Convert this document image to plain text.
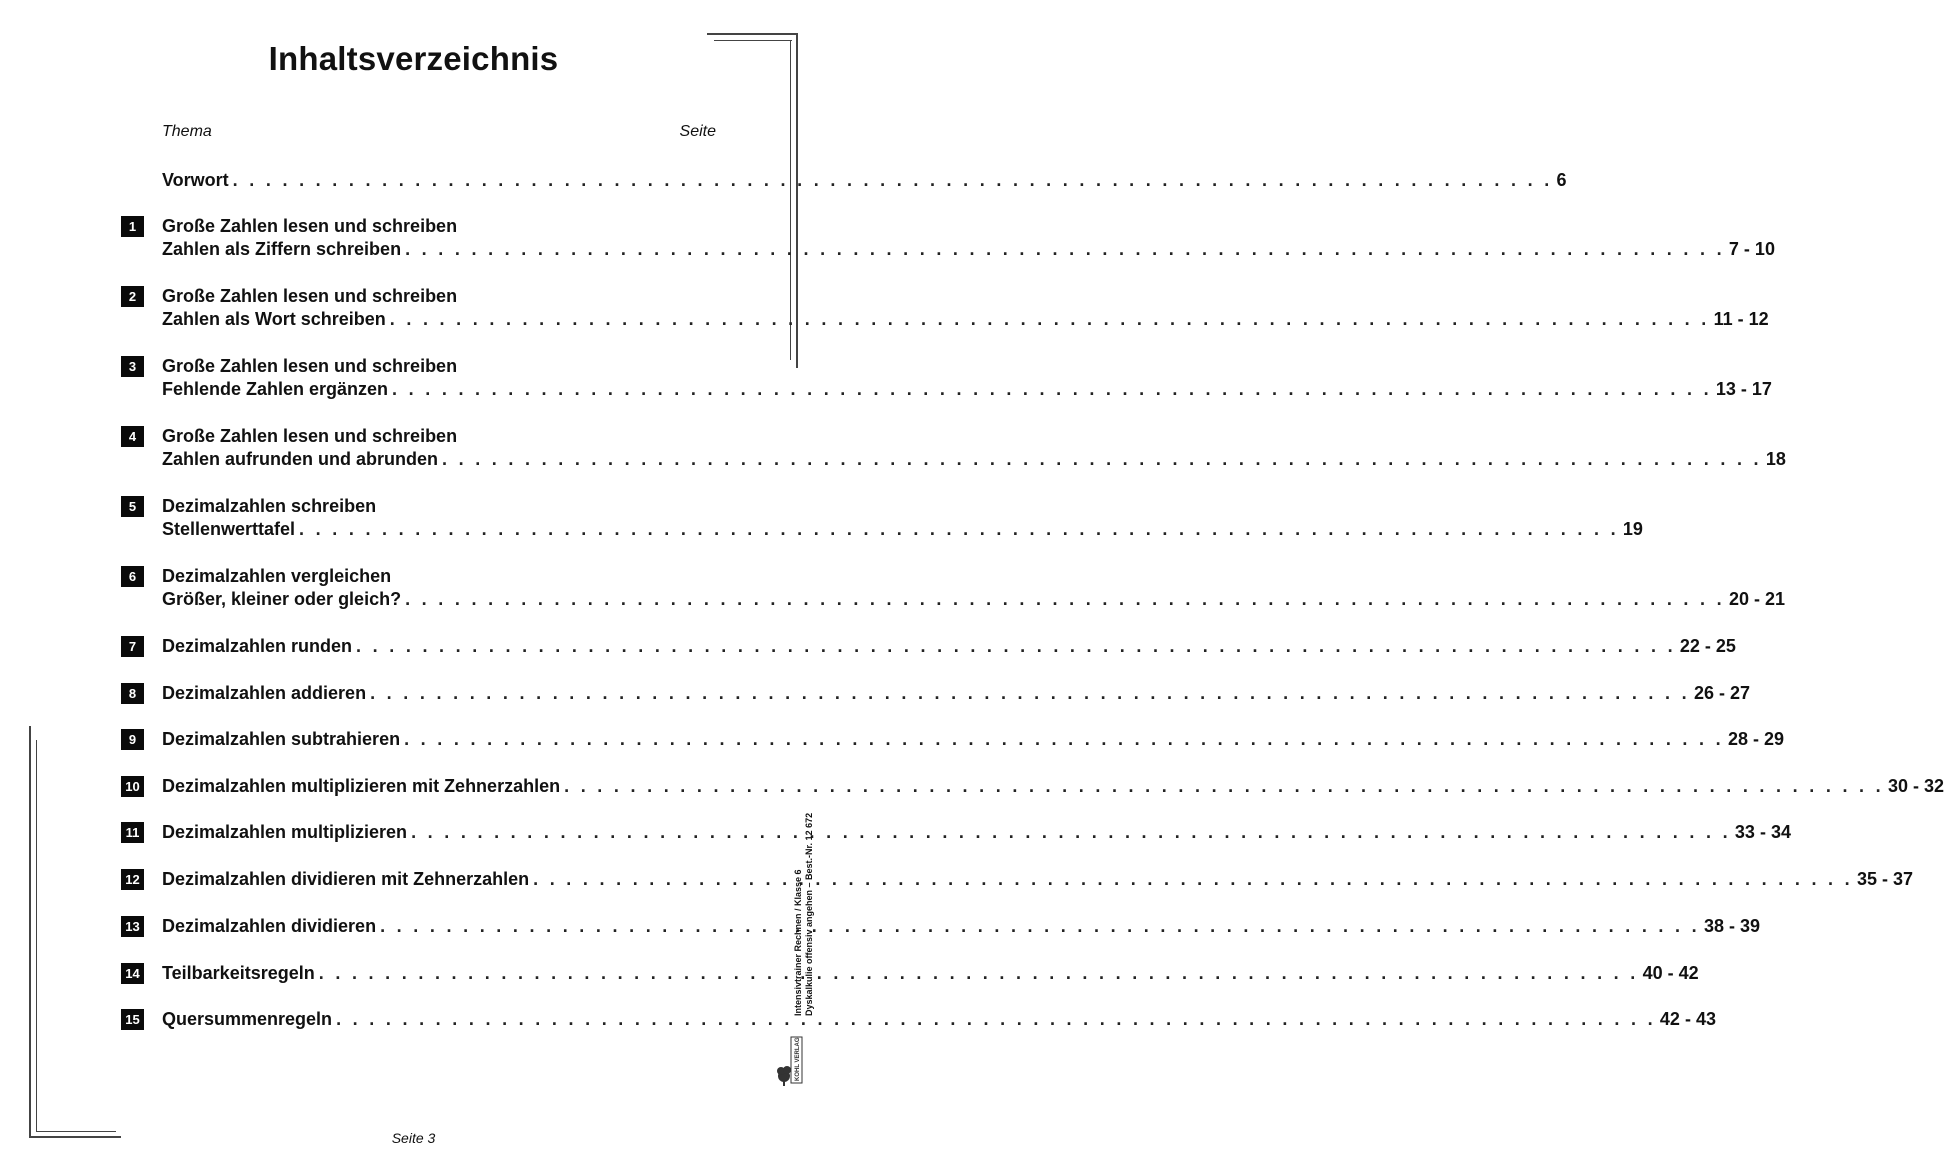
Inhaltsverzeichnis
Thema	Seite
Vorwort . . . . . . . . . . . . . . . . . . . . . . . . . . . . . . . . . . . . . . . . . . . . . . . . . . . . . . . . . . . . . . . . . . . . . . . . . . . . . . . . 6
1	Große Zahlen lesen und schreiben
Zahlen als Ziffern schreiben . . . . . . . . . . . . . . . . . . . . . . . . . . . . . . . . . . . . . . . . . . . . . . . . . . . . . . . . . . . . . . . . . . . . . . . . . . . . . . . . 7 - 10
2	Große Zahlen lesen und schreiben
Zahlen als Wort schreiben . . . . . . . . . . . . . . . . . . . . . . . . . . . . . . . . . . . . . . . . . . . . . . . . . . . . . . . . . . . . . . . . . . . . . . . . . . . . . . . . 11 - 12
3	Große Zahlen lesen und schreiben
Fehlende Zahlen ergänzen . . . . . . . . . . . . . . . . . . . . . . . . . . . . . . . . . . . . . . . . . . . . . . . . . . . . . . . . . . . . . . . . . . . . . . . . . . . . . . . . 13 - 17
4	Große Zahlen lesen und schreiben
Zahlen aufrunden und abrunden . . . . . . . . . . . . . . . . . . . . . . . . . . . . . . . . . . . . . . . . . . . . . . . . . . . . . . . . . . . . . . . . . . . . . . . . . . . . . . . . 18
5	Dezimalzahlen schreiben
Stellenwerttafel . . . . . . . . . . . . . . . . . . . . . . . . . . . . . . . . . . . . . . . . . . . . . . . . . . . . . . . . . . . . . . . . . . . . . . . . . . . . . . . . 19
6	Dezimalzahlen vergleichen
Größer, kleiner oder gleich? . . . . . . . . . . . . . . . . . . . . . . . . . . . . . . . . . . . . . . . . . . . . . . . . . . . . . . . . . . . . . . . . . . . . . . . . . . . . . . . . 20 - 21
7	Dezimalzahlen runden . . . . . . . . . . . . . . . . . . . . . . . . . . . . . . . . . . . . . . . . . . . . . . . . . . . . . . . . . . . . . . . . . . . . . . . . . . . . . . . . 22 - 25
8	Dezimalzahlen addieren . . . . . . . . . . . . . . . . . . . . . . . . . . . . . . . . . . . . . . . . . . . . . . . . . . . . . . . . . . . . . . . . . . . . . . . . . . . . . . . . 26 - 27
9	Dezimalzahlen subtrahieren . . . . . . . . . . . . . . . . . . . . . . . . . . . . . . . . . . . . . . . . . . . . . . . . . . . . . . . . . . . . . . . . . . . . . . . . . . . . . . . . 28 - 29
10 Dezimalzahlen multiplizieren mit Zehnerzahlen . . . . . . . . . . . . . . . . . . . . . . . . . . . . . . . . . . . . . . . . . . . . . . . . . . . . . . . . . . . . . . . . . . . . . . . . . . . . . . . . 30 - 32
11 Dezimalzahlen multiplizieren . . . . . . . . . . . . . . . . . . . . . . . . . . . . . . . . . . . . . . . . . . . . . . . . . . . . . . . . . . . . . . . . . . . . . . . . . . . . . . . . 33 - 34
12 Dezimalzahlen dividieren mit Zehnerzahlen . . . . . . . . . . . . . . . . . . . . . . . . . . . . . . . . . . . . . . . . . . . . . . . . . . . . . . . . . . . . . . . . . . . . . . . . . . . . . . . . 35 - 37
13 Dezimalzahlen dividieren . . . . . . . . . . . . . . . . . . . . . . . . . . . . . . . . . . . . . . . . . . . . . . . . . . . . . . . . . . . . . . . . . . . . . . . . . . . . . . . . 38 - 39
14 Teilbarkeitsregeln . . . . . . . . . . . . . . . . . . . . . . . . . . . . . . . . . . . . . . . . . . . . . . . . . . . . . . . . . . . . . . . . . . . . . . . . . . . . . . . . 40 - 42
15 Quersummenregeln . . . . . . . . . . . . . . . . . . . . . . . . . . . . . . . . . . . . . . . . . . . . . . . . . . . . . . . . . . . . . . . . . . . . . . . . . . . . . . . . 42 - 43
Seite 3
Intensivtrainer Rechnen / Klasse 6 Dyskalkulie offensiv angehen – Best.-Nr. 12 672
KOHL VERLAG
